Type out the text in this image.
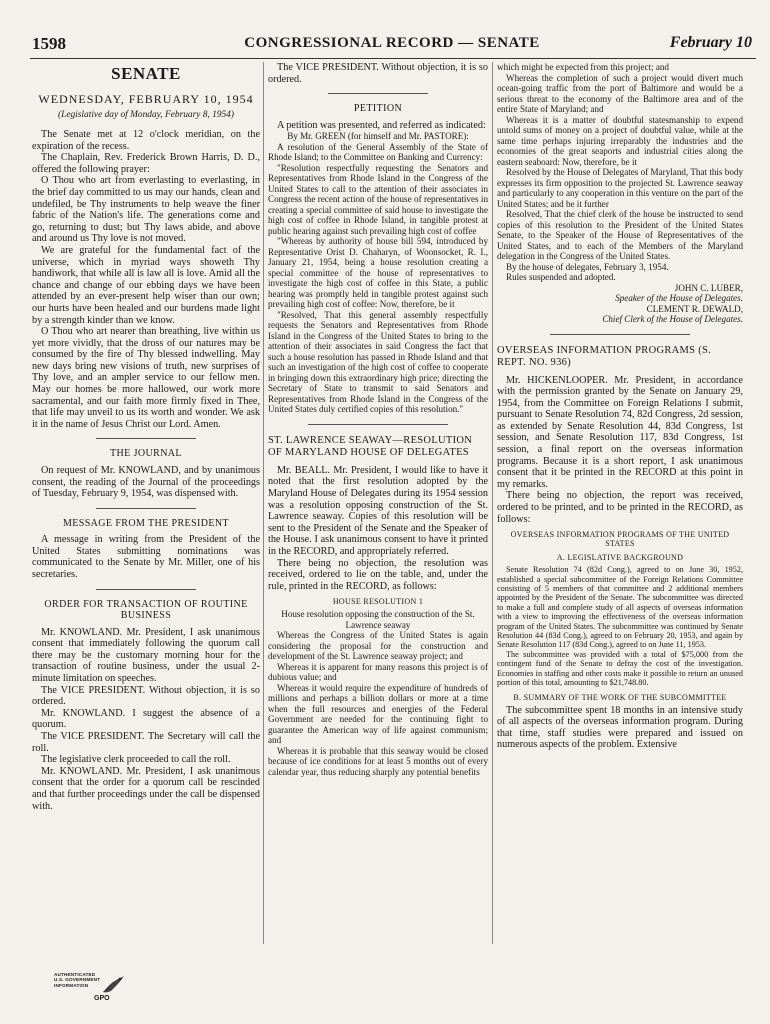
1598	CONGRESSIONAL RECORD — SENATE	February 10
SENATE
WEDNESDAY, FEBRUARY 10, 1954
(Legislative day of Monday, February 8, 1954)

The Senate met at 12 o'clock meridian, on the expiration of the recess.

The Chaplain, Rev. Frederick Brown Harris, D. D., offered the following prayer:

O Thou who art from everlasting to everlasting, in the brief day committed to us may our hands, clean and undefiled, be Thy instruments to help weave the finer fabric of the Nation's life. The generations come and go, returning to dust; but Thy laws abide, and above and around us Thy love is not moved.

We are grateful for the fundamental fact of the universe, which in myriad ways showeth Thy handiwork, that while all is law all is love. Amid all the chance and change of our ebbing days we have been attended by an ever-present help wiser than our own; our hurts have been healed and our burdens made light by a strength kinder than we know.

O Thou who art nearer than breathing, live within us yet more vividly, that the dross of our natures may be consumed by the fire of Thy blessed indwelling. May new days bring new visions of truth, new surprises of Thy love, and an ampler service to our fellow men. May our homes be more hallowed, our work more sacramental, and our faith more firmly fixed in Thee, that life may unveil to us its worth and wonder. We ask it in the name of Jesus Christ our Lord. Amen.

THE JOURNAL

On request of Mr. KNOWLAND, and by unanimous consent, the reading of the Journal of the proceedings of Tuesday, February 9, 1954, was dispensed with.

MESSAGE FROM THE PRESIDENT

A message in writing from the President of the United States submitting nominations was communicated to the Senate by Mr. Miller, one of his secretaries.

ORDER FOR TRANSACTION OF ROUTINE BUSINESS

Mr. KNOWLAND. Mr. President, I ask unanimous consent that immediately following the quorum call there may be the customary morning hour for the transaction of routine business, under the usual 2-minute limitation on speeches.

The VICE PRESIDENT. Without objection, it is so ordered.

Mr. KNOWLAND. I suggest the absence of a quorum.

The VICE PRESIDENT. The Secretary will call the roll.

The legislative clerk proceeded to call the roll.

Mr. KNOWLAND. Mr. President, I ask unanimous consent that the order for a quorum call be rescinded and that further proceedings under the call be dispensed with.

The VICE PRESIDENT. Without objection, it is so ordered.

PETITION

A petition was presented, and referred as indicated:

By Mr. GREEN (for himself and Mr. PASTORE):

A resolution of the General Assembly of the State of Rhode Island; to the Committee on Banking and Currency:

"Resolution respectfully requesting the Senators and Representatives from Rhode Island in the Congress of the United States to call to the attention of their associates in Congress the recent action of the house of representatives in creating a special committee of said house to investigate the high cost of coffee in Rhode Island, in tangible protest at public hearing against such prevailing high cost of coffee

"Whereas by authority of house bill 594, introduced by Representative Orist D. Chaharyn, of Woonsocket, R. I., January 21, 1954, being a house resolution creating a special committee of the house of representatives to investigate the high cost of coffee in this State, a public hearing was promptly held in tangible protest against such prevailing high cost of coffee: Now, therefore, be it

"Resolved, That this general assembly respectfully requests the Senators and Representatives from Rhode Island in the Congress of the United States to bring to the attention of their associates in said Congress the fact that such a house resolution has passed in Rhode Island and that such an investigation of the high cost of coffee to cooperate in bringing down this extraordinary high price; directing the Secretary of State to transmit to said Senators and Representatives from Rhode Island in the Congress of the United States duly certified copies of this resolution."

ST. LAWRENCE SEAWAY—RESOLUTION OF MARYLAND HOUSE OF DELEGATES

Mr. BEALL. Mr. President, I would like to have it noted that the first resolution adopted by the Maryland House of Delegates during its 1954 session was a resolution opposing construction of the St. Lawrence seaway. Copies of this resolution will be sent to the President of the Senate and the Speaker of the House. I ask unanimous consent to have it printed in the RECORD, and appropriately referred.

There being no objection, the resolution was received, ordered to lie on the table, and, under the rule, printed in the RECORD, as follows:

HOUSE RESOLUTION 1

House resolution opposing the construction of the St. Lawrence seaway

Whereas the Congress of the United States is again considering the proposal for the construction and development of the St. Lawrence seaway project; and

Whereas it is apparent for many reasons this project is of dubious value; and

Whereas it would require the expenditure of hundreds of millions and perhaps a billion dollars or more at a time when the full resources and energies of the Federal Government are needed for the continuing fight to guarantee the American way of life against communism; and

Whereas it is probable that this seaway would be closed because of ice conditions for at least 5 months out of every calendar year, thus reducing sharply any potential benefits

which might be expected from this project; and

Whereas the completion of such a project would divert much ocean-going traffic from the port of Baltimore and would be a serious threat to the economy of the Baltimore area and of the entire State of Maryland; and

Whereas it is a matter of doubtful statesmanship to expend untold sums of money on a project of doubtful value, while at the same time perhaps injuring irreparably the industries and the economies of the great seaports and industrial cities along the eastern seaboard: Now, therefore, be it

Resolved by the House of Delegates of Maryland, That this body expresses its firm opposition to the projected St. Lawrence seaway and particularly to any cooperation in this venture on the part of the United States; and be it further

Resolved, That the chief clerk of the house be instructed to send copies of this resolution to the President of the United States Senate, to the Speaker of the House of Representatives of the United States, and to each of the Members of the Maryland delegation in the Congress of the United States.

By the house of delegates, February 3, 1954.

Rules suspended and adopted.

JOHN C. LUBER,

Speaker of the House of Delegates.

CLEMENT R. DEWALD,

Chief Clerk of the House of Delegates.

OVERSEAS INFORMATION PROGRAMS (S. REPT. NO. 936)

Mr. HICKENLOOPER. Mr. President, in accordance with the permission granted by the Senate on January 29, 1954, from the Committee on Foreign Relations I submit, pursuant to Senate Resolution 74, 82d Congress, 2d session, as extended by Senate Resolution 44, 83d Congress, 1st session, and Senate Resolution 117, 83d Congress, 1st session, a final report on the overseas information programs. Because it is a short report, I ask unanimous consent that it be printed in the RECORD at this point in my remarks.

There being no objection, the report was received, ordered to be printed, and to be printed in the RECORD, as follows:

OVERSEAS INFORMATION PROGRAMS OF THE UNITED STATES
A. LEGISLATIVE BACKGROUND

Senate Resolution 74 (82d Cong.), agreed to on June 30, 1952, established a special subcommittee of the Foreign Relations Committee consisting of 5 members of that committee and 2 additional members appointed by the President of the Senate. The subcommittee was directed to make a full and complete study of all aspects of overseas information with a view to improving the effectiveness of the overseas information program of the United States. The subcommittee was continued by Senate Resolution 44 (83d Cong.), agreed to on February 20, 1953, and again by Senate Resolution 117 (83d Cong.), agreed to on June 11, 1953.

The subcommittee was provided with a total of $75,000 from the contingent fund of the Senate to defray the cost of the investigation. Economies in staffing and other costs make it possible to return an unused portion of this total, amounting to $21,748.80.

B. SUMMARY OF THE WORK OF THE SUBCOMMITTEE

The subcommittee spent 18 months in an intensive study of all aspects of the overseas information program. During that time, staff studies were prepared and issued on numerous aspects of the problem. Extensive

AUTHENTICATED
U.S. GOVERNMENT
INFORMATION
GPO
